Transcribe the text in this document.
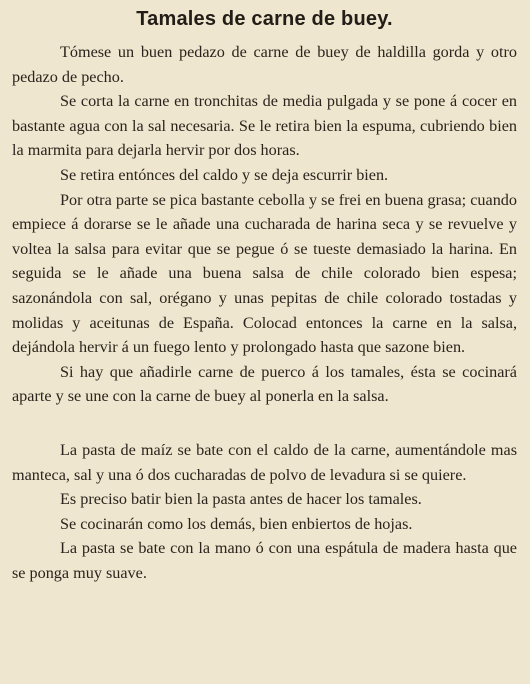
Tamales de carne de buey.

Tómese un buen pedazo de carne de buey de haldilla gorda y otro pedazo de pecho.

Se corta la carne en tronchitas de media pulgada y se pone á cocer en bastante agua con la sal necesaria. Se le retira bien la espuma, cubriendo bien la marmita para dejarla hervir por dos horas.

Se retira entónces del caldo y se deja escurrir bien.

Por otra parte se pica bastante cebolla y se frei en buena grasa; cuando empiece á dorarse se le añade una cucharada de harina seca y se revuelve y voltea la salsa para evitar que se pegue ó se tueste demasiado la harina. En seguida se le añade una buena salsa de chile colorado bien espesa; sazonándola con sal, orégano y unas pepitas de chile colorado tostadas y molidas y aceitunas de España. Colocad entonces la carne en la salsa, dejándola hervir á un fuego lento y prolongado hasta que sazone bien.

Si hay que añadirle carne de puerco á los tamales, ésta se cocinará aparte y se une con la carne de buey al ponerla en la salsa.

La pasta de maíz se bate con el caldo de la carne, aumentándole mas manteca, sal y una ó dos cucharadas de polvo de levadura si se quiere.

Es preciso batir bien la pasta antes de hacer los tamales.

Se cocinarán como los demás, bien enbiertos de hojas.

La pasta se bate con la mano ó con una espátula de madera hasta que se ponga muy suave.
